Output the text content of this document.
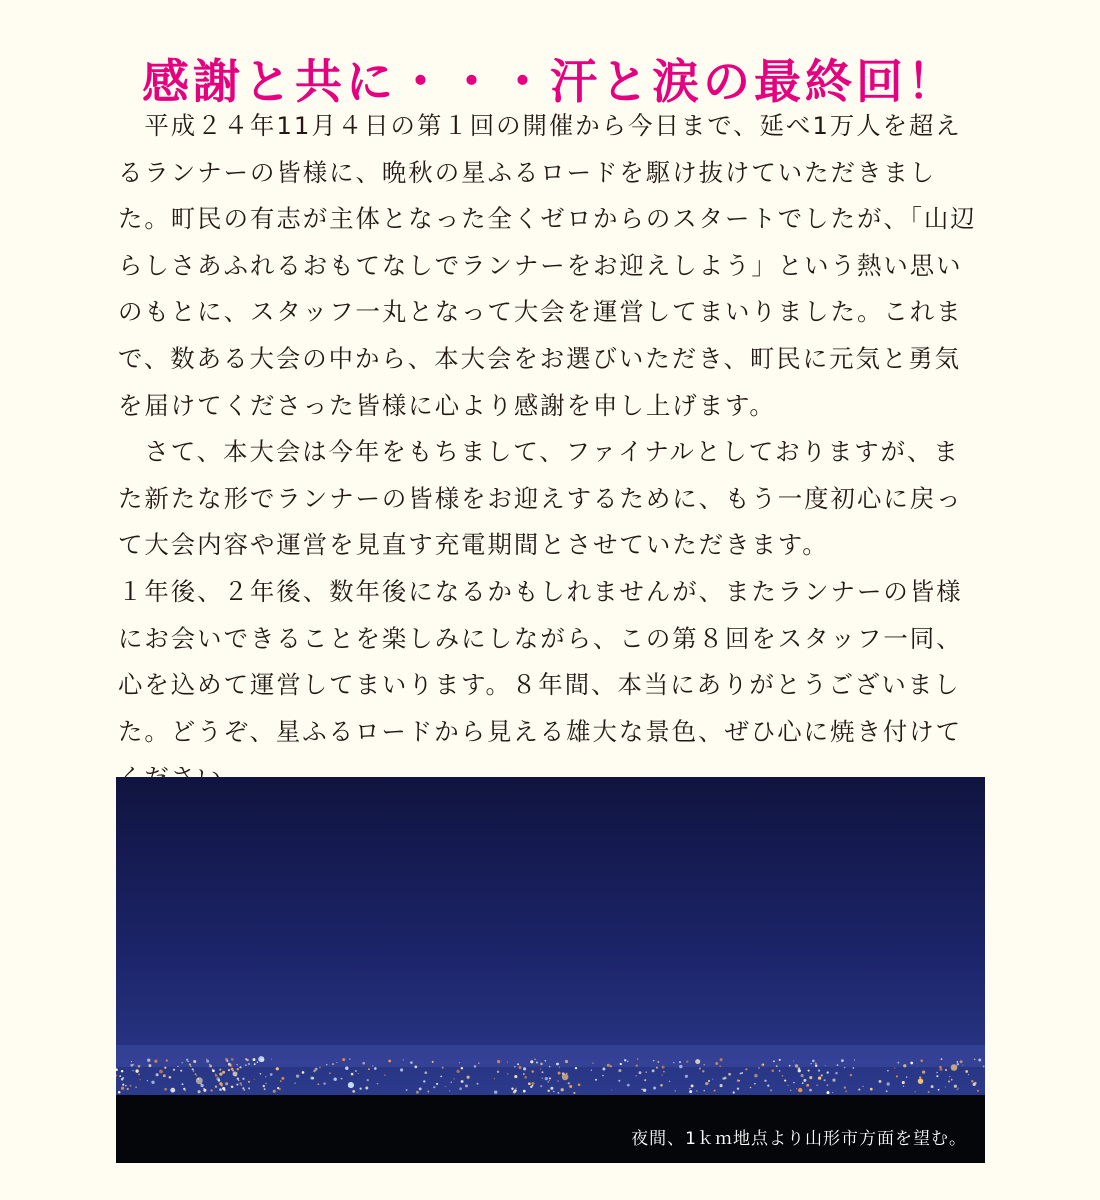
感謝と共に・・・汗と涙の最終回！

　平成２４年11月４日の第１回の開催から今日まで、延べ1万人を超えるランナーの皆様に、晩秋の星ふるロードを駆け抜けていただきました。町民の有志が主体となった全くゼロからのスタートでしたが、「山辺らしさあふれるおもてなしでランナーをお迎えしよう」という熱い思いのもとに、スタッフ一丸となって大会を運営してまいりました。これまで、数ある大会の中から、本大会をお選びいただき、町民に元気と勇気を届けてくださった皆様に心より感謝を申し上げます。

　さて、本大会は今年をもちまして、ファイナルとしておりますが、また新たな形でランナーの皆様をお迎えするために、もう一度初心に戻って大会内容や運営を見直す充電期間とさせていただきます。

１年後、２年後、数年後になるかもしれませんが、またランナーの皆様にお会いできることを楽しみにしながら、この第８回をスタッフ一同、心を込めて運営してまいります。８年間、本当にありがとうございました。どうぞ、星ふるロードから見える雄大な景色、ぜひ心に焼き付けて

夜間、1ｋｍ地点より山形市方面を望む。
